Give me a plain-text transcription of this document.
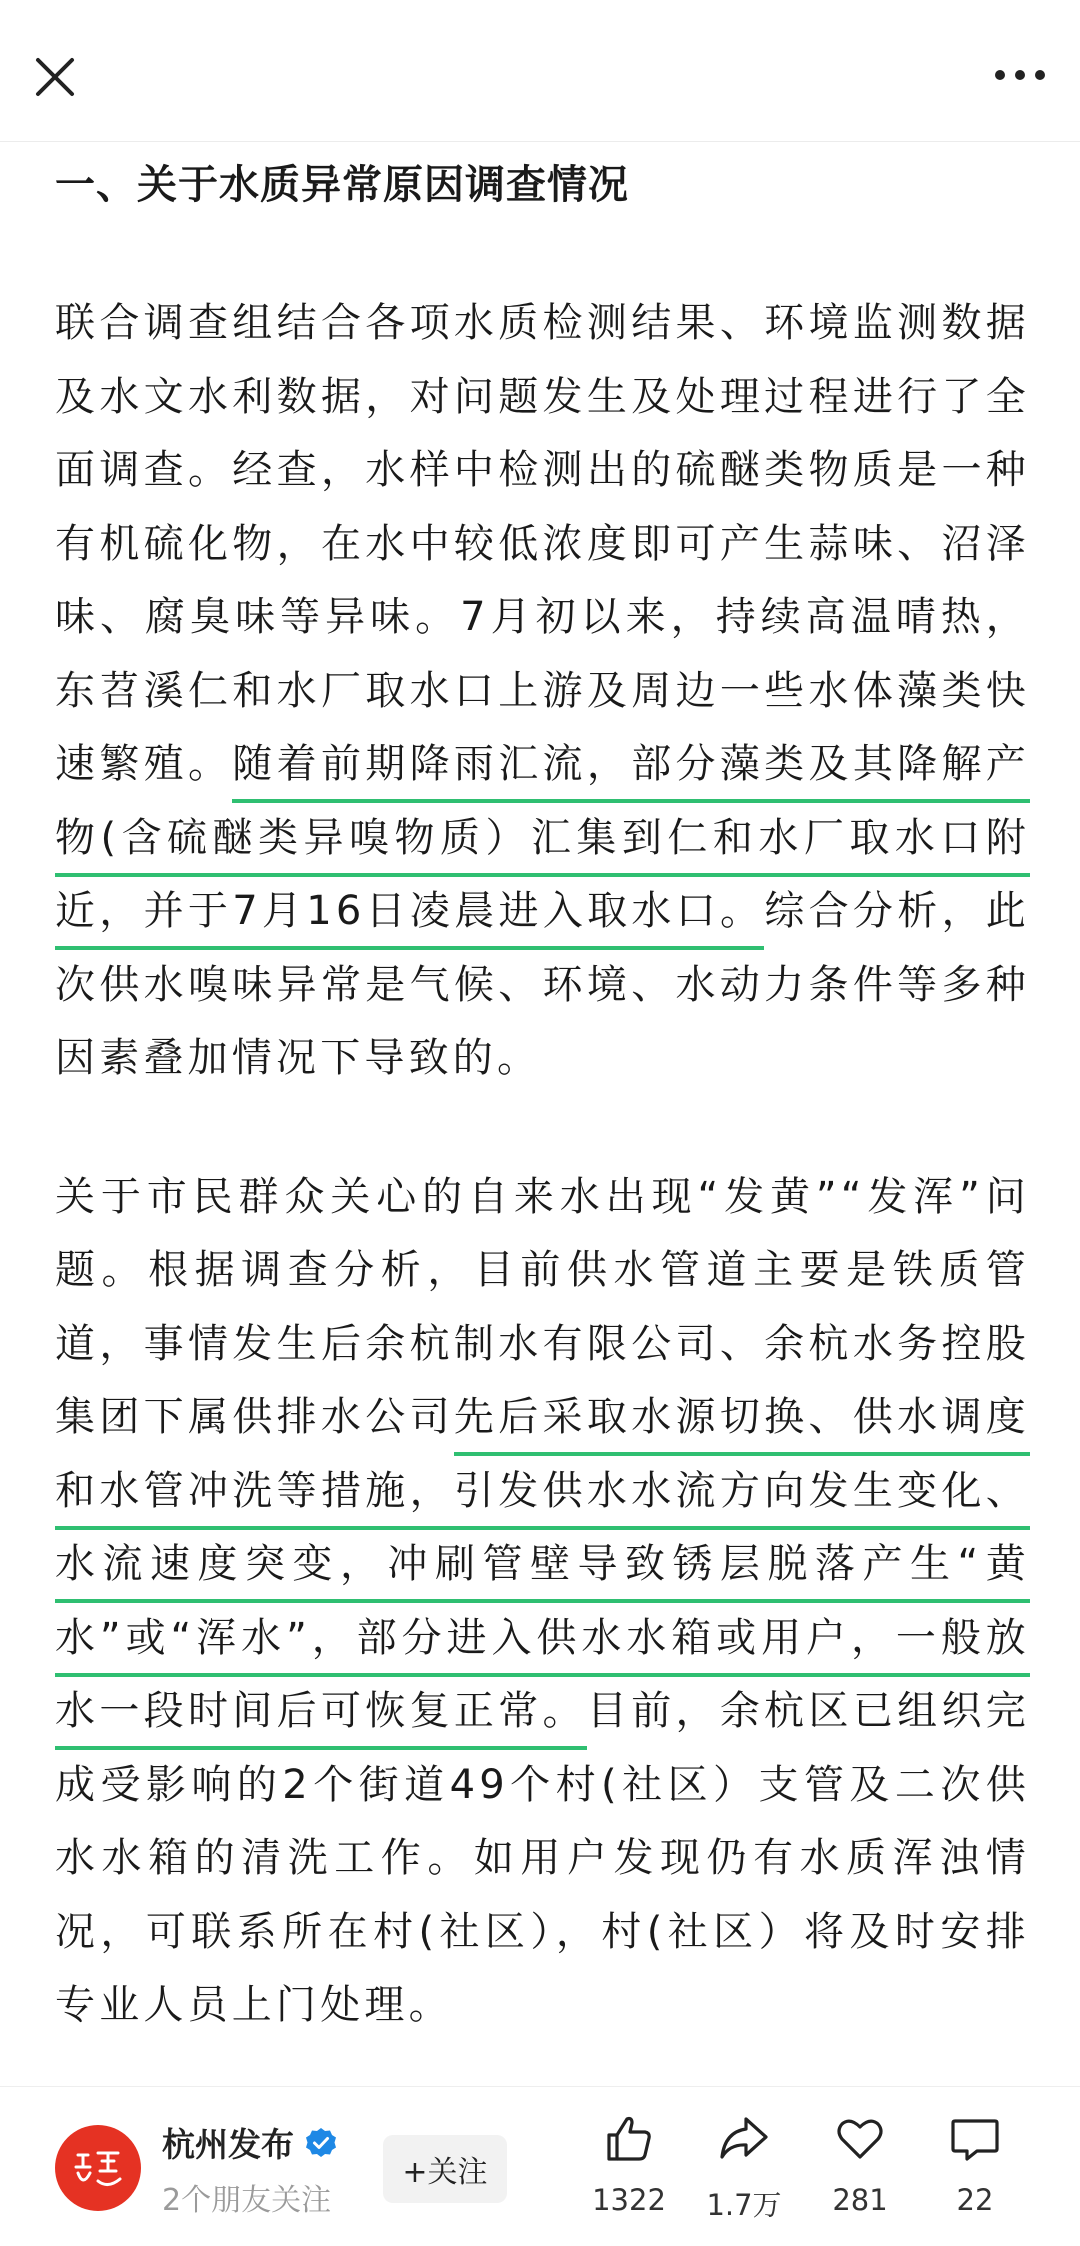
一、关于水质异常原因调查情况

联合调查组结合各项水质检测结果、环境监测数据及水文水利数据，对问题发生及处理过程进行了全面调查。经查，水样中检测出的硫醚类物质是一种有机硫化物，在水中较低浓度即可产生蒜味、沼泽味、腐臭味等异味。7月初以来，持续高温晴热，东苕溪仁和水厂取水口上游及周边一些水体藻类快速繁殖。随着前期降雨汇流，部分藻类及其降解产物(含硫醚类异嗅物质）汇集到仁和水厂取水口附近，并于7月16日凌晨进入取水口。综合分析，此次供水嗅味异常是气候、环境、水动力条件等多种因素叠加情况下导致的。

关于市民群众关心的自来水出现“发黄”“发浑”问题。根据调查分析，目前供水管道主要是铁质管道，事情发生后余杭制水有限公司、余杭水务控股集团下属供排水公司先后采取水源切换、供水调度和水管冲洗等措施，引发供水水流方向发生变化、水流速度突变，冲刷管壁导致锈层脱落产生“黄水”或“浑水”，部分进入供水水箱或用户，一般放水一段时间后可恢复正常。目前，余杭区已组织完成受影响的2个街道49个村(社区）支管及二次供水水箱的清洗工作。如用户发现仍有水质浑浊情况，可联系所在村(社区），村(社区）将及时安排专业人员上门处理。

杭州发布
2个朋友关注
+关注
1322	1.7万	281	22
